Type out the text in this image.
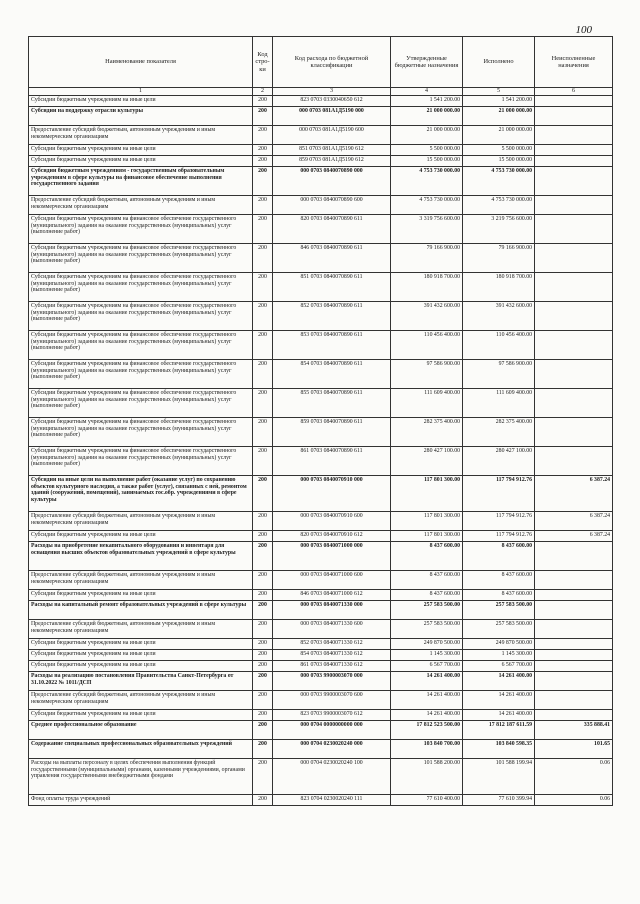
100
Наименование показателя	Код стро-ки	Код расхода по бюджетной классификации	Утвержденные бюджетные назначения	Исполнено	Неисполненные назначения
1	2	3	4	5	6
Субсидии бюджетным учреждениям на иные цели	200	823 0703 0330040650 612	1 541 200.00	1 541 200.00	
Субсидии на поддержку отрасли культуры	200	000 0703 081А1Д5190 000	21 000 000.00	21 000 000.00	
Предоставление субсидий бюджетным, автономным учреждениям и иным некоммерческим организациям	200	000 0703 081А1Д5190 600	21 000 000.00	21 000 000.00	
Субсидии бюджетным учреждениям на иные цели	200	851 0703 081А1Д5190 612	5 500 000.00	5 500 000.00	
Субсидии бюджетным учреждениям на иные цели	200	859 0703 081А1Д5190 612	15 500 000.00	15 500 000.00	
Субсидии бюджетным учреждениям - государственным образовательным учреждениям в сфере культуры на финансовое обеспечение выполнения государственного задания	200	000 0703 0840070890 000	4 753 730 000.00	4 753 730 000.00	
Предоставление субсидий бюджетным, автономным учреждениям и иным некоммерческим организациям	200	000 0703 0840070890 600	4 753 730 000.00	4 753 730 000.00	
Субсидии бюджетным учреждениям на финансовое обеспечение государственного (муниципального) задания на оказание государственных (муниципальных) услуг (выполнение работ)	200	820 0703 0840070890 611	3 319 756 600.00	3 219 756 600.00	
Субсидии бюджетным учреждениям на финансовое обеспечение государственного (муниципального) задания на оказание государственных (муниципальных) услуг (выполнение работ)	200	846 0703 0840070890 611	79 166 900.00	79 166 900.00	
Субсидии бюджетным учреждениям на финансовое обеспечение государственного (муниципального) задания на оказание государственных (муниципальных) услуг (выполнение работ)	200	851 0703 0840070890 611	180 918 700.00	180 918 700.00	
Субсидии бюджетным учреждениям на финансовое обеспечение государственного (муниципального) задания на оказание государственных (муниципальных) услуг (выполнение работ)	200	852 0703 0840070890 611	391 432 600.00	391 432 600.00	
Субсидии бюджетным учреждениям на финансовое обеспечение государственного (муниципального) задания на оказание государственных (муниципальных) услуг (выполнение работ)	200	853 0703 0840070890 611	110 456 400.00	110 456 400.00	
Субсидии бюджетным учреждениям на финансовое обеспечение государственного (муниципального) задания на оказание государственных (муниципальных) услуг (выполнение работ)	200	854 0703 0840070890 611	97 586 900.00	97 586 900.00	
Субсидии бюджетным учреждениям на финансовое обеспечение государственного (муниципального) задания на оказание государственных (муниципальных) услуг (выполнение работ)	200	855 0703 0840070890 611	111 609 400.00	111 609 400.00	
Субсидии бюджетным учреждениям на финансовое обеспечение государственного (муниципального) задания на оказание государственных (муниципальных) услуг (выполнение работ)	200	859 0703 0840070890 611	282 375 400.00	282 375 400.00	
Субсидии бюджетным учреждениям на финансовое обеспечение государственного (муниципального) задания на оказание государственных (муниципальных) услуг (выполнение работ)	200	861 0703 0840070890 611	280 427 100.00	280 427 100.00	
Субсидии на иные цели на выполнение работ (оказание услуг) по сохранению объектов культурного наследия, а также работ (услуг), связанных с ней, ремонтом зданий (сооружений, помещений), занимаемых гос.обр. учреждениями в сфере культуры	200	000 0703 0840070910 000	117 801 300.00	117 794 912.76	6 387.24
Предоставление субсидий бюджетным, автономным учреждениям и иным некоммерческим организациям	200	000 0703 0840070910 600	117 801 300.00	117 794 912.76	6 387.24
Субсидии бюджетным учреждениям на иные цели	200	820 0703 0840070910 612	117 801 300.00	117 794 912.76	6 387.24
Расходы на приобретение некапитального оборудования и инвентаря для оснащения высших объектов образовательных учреждений в сфере культуры	200	000 0703 0840071000 000	8 437 600.00	8 437 600.00	
Предоставление субсидий бюджетным, автономным учреждениям и иным некоммерческим организациям	200	000 0703 0840071000 600	8 437 600.00	8 437 600.00	
Субсидии бюджетным учреждениям на иные цели	200	846 0703 0840071000 612	8 437 600.00	8 437 600.00	
Расходы на капитальный ремонт образовательных учреждений в сфере культуры	200	000 0703 0840071330 000	257 583 500.00	257 583 500.00	
Предоставление субсидий бюджетным, автономным учреждениям и иным некоммерческим организациям	200	000 0703 0840071330 600	257 583 500.00	257 583 500.00	
Субсидии бюджетным учреждениям на иные цели	200	852 0703 0840071330 612	249 870 500.00	249 870 500.00	
Субсидии бюджетным учреждениям на иные цели	200	854 0703 0840071330 612	1 145 300.00	1 145 300.00	
Субсидии бюджетным учреждениям на иные цели	200	861 0703 0840071330 612	6 567 700.00	6 567 700.00	
Расходы на реализацию постановления Правительства Санкт-Петербурга от 31.10.2022 № 1011/ДСП	200	000 0703 9900003070 000	14 261 400.00	14 261 400.00	
Предоставление субсидий бюджетным, автономным учреждениям и иным некоммерческим организациям	200	000 0703 9900003070 600	14 261 400.00	14 261 400.00	
Субсидии бюджетным учреждениям на иные цели	200	823 0703 9900003070 612	14 261 400.00	14 261 400.00	
Среднее профессиональное образование	200	000 0704 0000000000 000	17 812 523 500.00	17 812 187 611.59	335 888.41
Содержание специальных профессиональных образовательных учреждений	200	000 0704 0230020240 000	103 840 700.00	103 840 598.35	101.65
Расходы на выплаты персоналу в целях обеспечения выполнения функций государственными (муниципальными) органами, казенными учреждениями, органами управления государственными внебюджетными фондами	200	000 0704 0230020240 100	101 588 200.00	101 588 199.94	0.06
Фонд оплаты труда учреждений	200	823 0704 0230020240 111	77 610 400.00	77 610 399.94	0.06
